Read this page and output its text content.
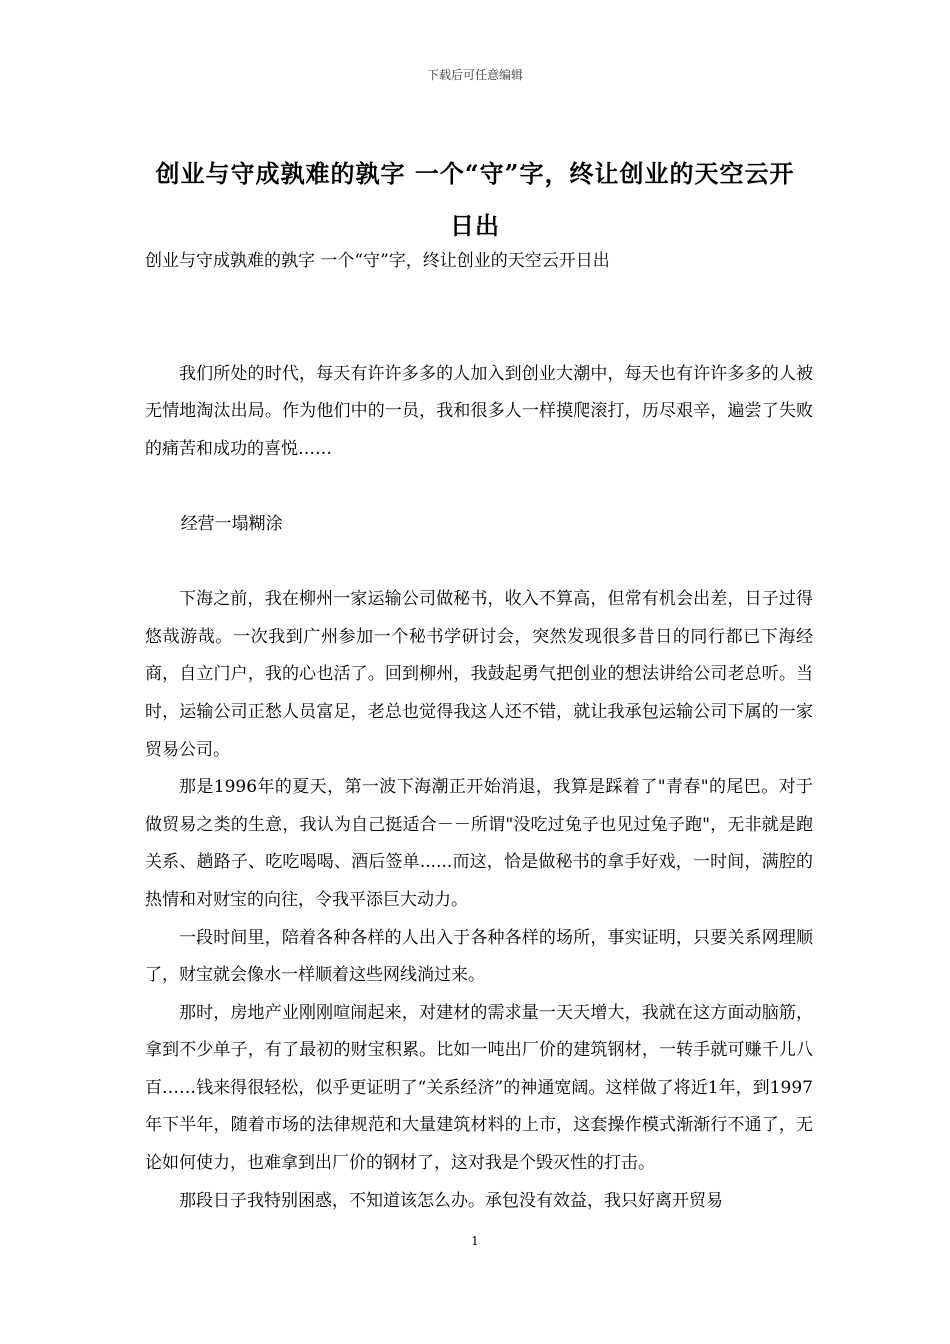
下载后可任意编辑
创业与守成孰难的孰字 一个“守”字，终让创业的天空云开日出
创业与守成孰难的孰字 一个“守”字，终让创业的天空云开日出

我们所处的时代，每天有许许多多的人加入到创业大潮中，每天也有许许多多的人被无情地淘汰出局。作为他们中的一员，我和很多人一样摸爬滚打，历尽艰辛，遍尝了失败的痛苦和成功的喜悦……

经营一塌糊涂

下海之前，我在柳州一家运输公司做秘书，收入不算高，但常有机会出差，日子过得悠哉游哉。一次我到广州参加一个秘书学研讨会，突然发现很多昔日的同行都已下海经商，自立门户，我的心也活了。回到柳州，我鼓起勇气把创业的想法讲给公司老总听。当时，运输公司正愁人员富足，老总也觉得我这人还不错，就让我承包运输公司下属的一家贸易公司。

那是1996年的夏天，第一波下海潮正开始消退，我算是踩着了"青春"的尾巴。对于做贸易之类的生意，我认为自己挺适合－－所谓"没吃过兔子也见过兔子跑"，无非就是跑关系、趟路子、吃吃喝喝、酒后签单......而这，恰是做秘书的拿手好戏，一时间，满腔的热情和对财宝的向往，令我平添巨大动力。

一段时间里，陪着各种各样的人出入于各种各样的场所，事实证明，只要关系网理顺了，财宝就会像水一样顺着这些网线淌过来。

那时，房地产业刚刚喧闹起来，对建材的需求量一天天增大，我就在这方面动脑筋，拿到不少单子，有了最初的财宝积累。比如一吨出厂价的建筑钢材，一转手就可赚千儿八百……钱来得很轻松，似乎更证明了“关系经济”的神通宽阔。这样做了将近1年，到1997年下半年，随着市场的法律规范和大量建筑材料的上市，这套操作模式渐渐行不通了，无论如何使力，也难拿到出厂价的钢材了，这对我是个毁灭性的打击。

那段日子我特别困惑，不知道该怎么办。承包没有效益，我只好离开贸易

1
